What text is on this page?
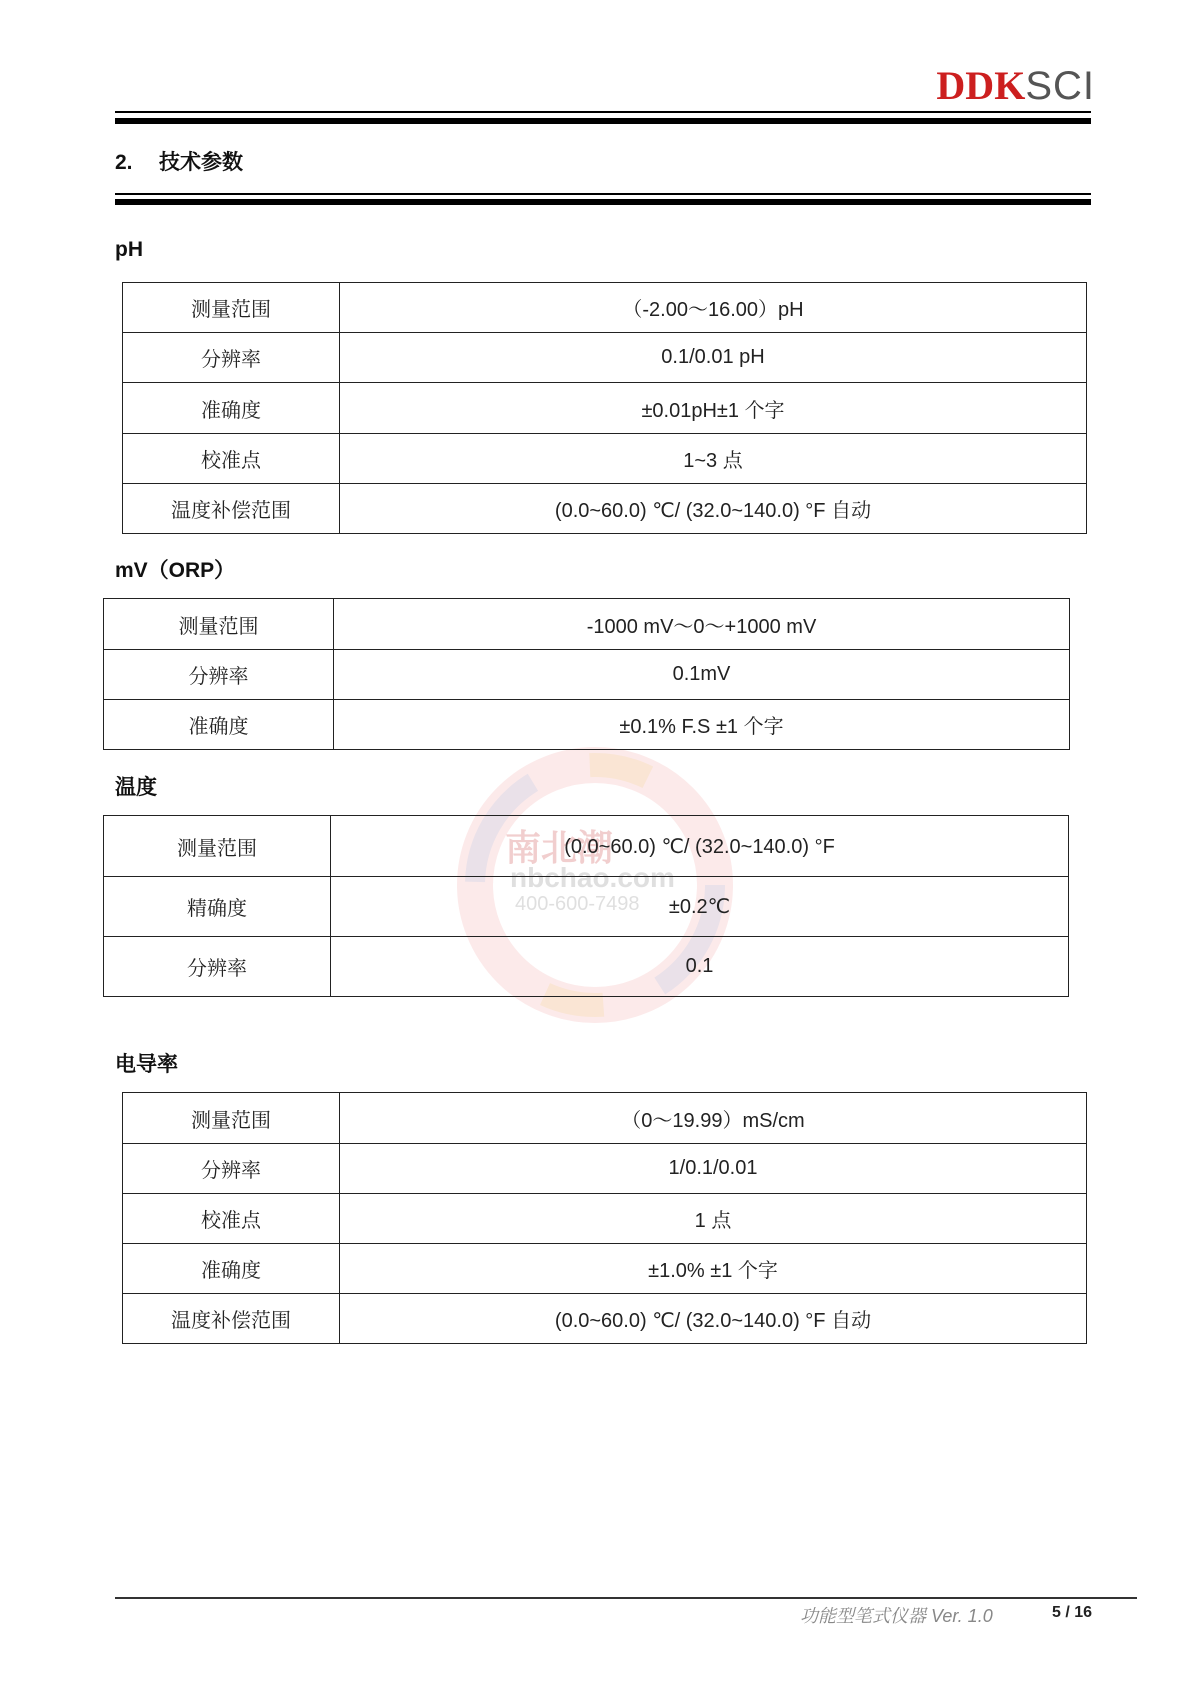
DDKSCI
2. 技术参数
南北潮
nbchao.com
400-600-7498
pH
测量范围	（-2.00～16.00）pH
分辨率	0.1/0.01 pH
准确度	±0.01pH±1 个字
校准点	1~3 点
温度补偿范围	(0.0~60.0) ℃/ (32.0~140.0) °F 自动
mV（ORP）
测量范围	-1000 mV～0～+1000 mV
分辨率	0.1mV
准确度	±0.1% F.S ±1 个字
温度
测量范围	(0.0~60.0) ℃/ (32.0~140.0) °F
精确度	±0.2℃
分辨率	0.1
电导率
测量范围	（0～19.99）mS/cm
分辨率	1/0.1/0.01
校准点	1 点
准确度	±1.0% ±1 个字
温度补偿范围	(0.0~60.0) ℃/ (32.0~140.0) °F 自动
功能型笔式仪器 Ver. 1.0	5 / 16
